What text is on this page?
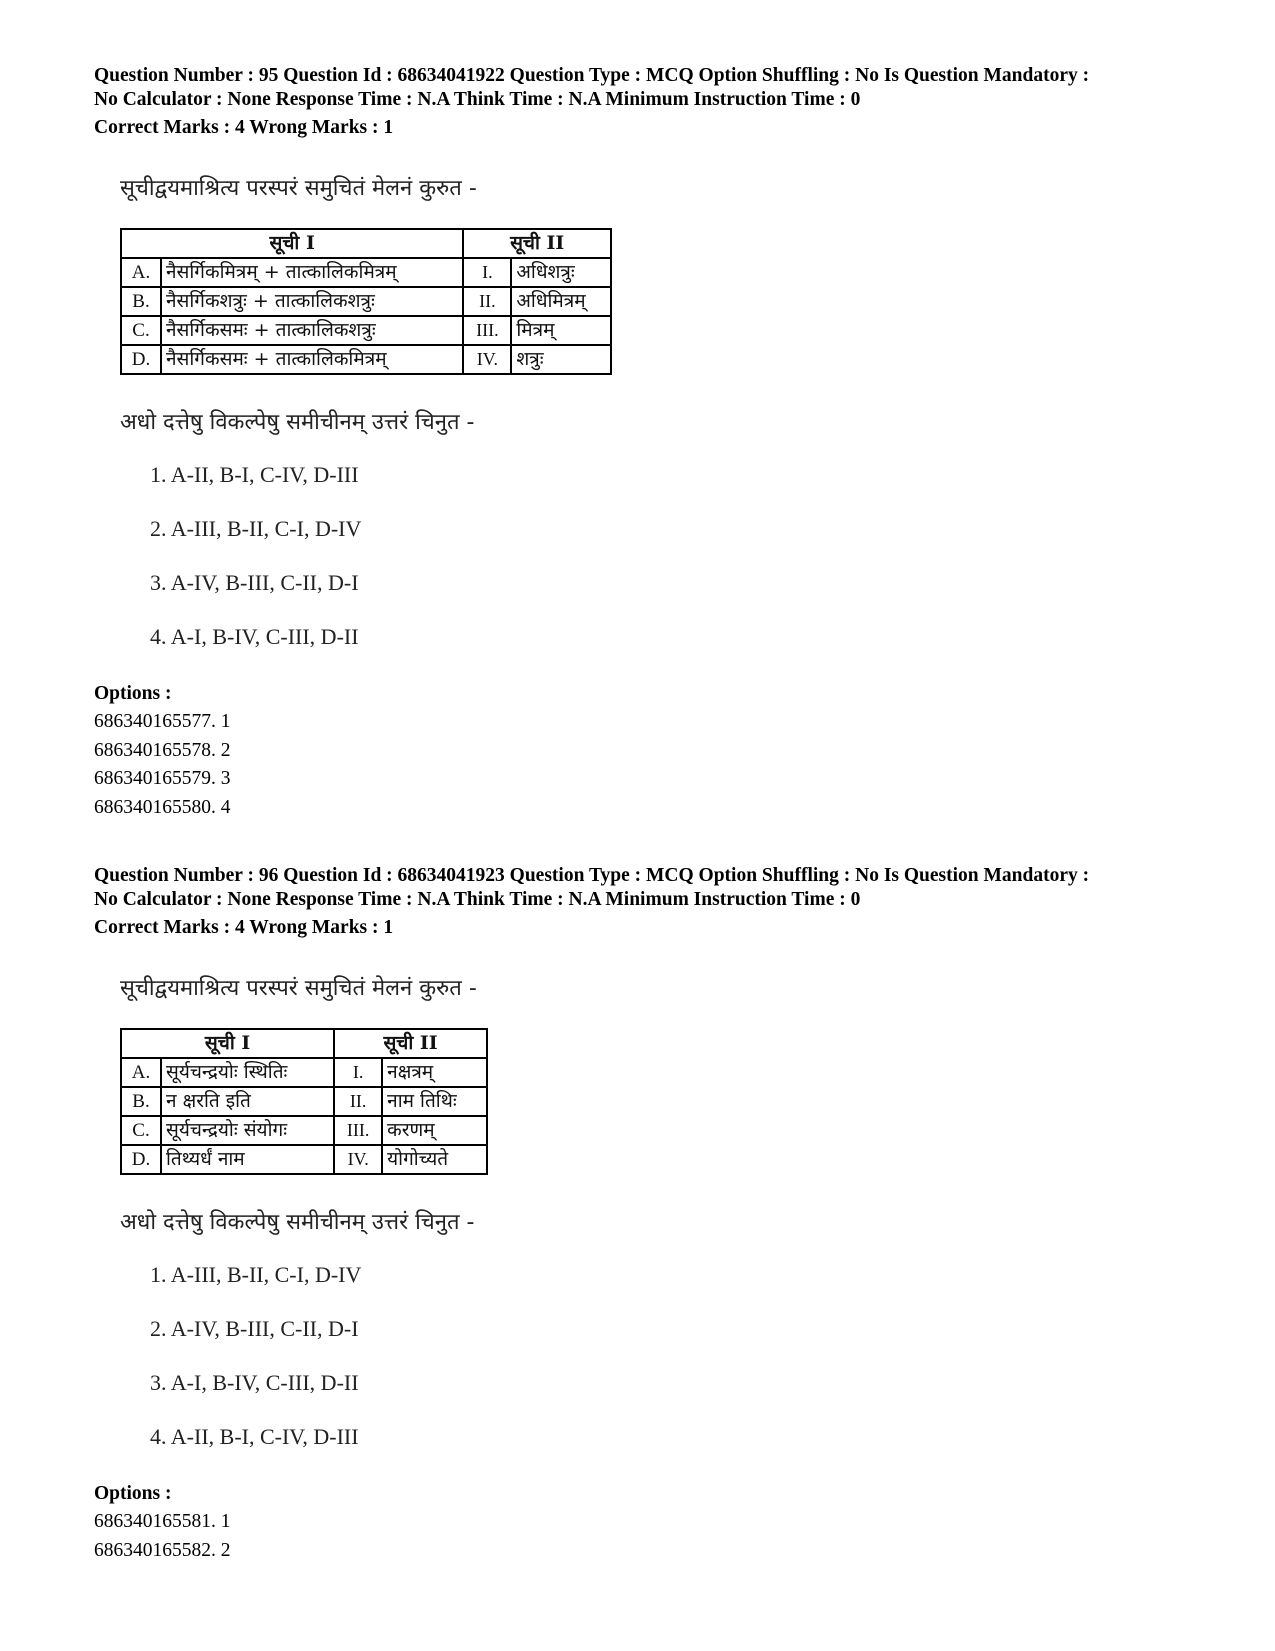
Question Number : 95 Question Id : 68634041922 Question Type : MCQ Option Shuffling : No Is Question Mandatory :
No Calculator : None Response Time : N.A Think Time : N.A Minimum Instruction Time : 0
Correct Marks : 4 Wrong Marks : 1
सूचीद्वयमाश्रित्य परस्परं समुचितं मेलनं कुरुत -
सूची I		सूची II	
A.	नैसर्गिकमित्रम् + तात्कालिकमित्रम्	I.	अधिशत्रुः
B.	नैसर्गिकशत्रुः + तात्कालिकशत्रुः	II.	अधिमित्रम्
C.	नैसर्गिकसमः + तात्कालिकशत्रुः	III.	मित्रम्
D.	नैसर्गिकसमः + तात्कालिकमित्रम्	IV.	शत्रुः
अधो दत्तेषु विकल्पेषु समीचीनम् उत्तरं चिनुत -
1. A-II, B-I, C-IV, D-III
2. A-III, B-II, C-I, D-IV
3. A-IV, B-III, C-II, D-I
4. A-I, B-IV, C-III, D-II
Options :
686340165577. 1
686340165578. 2
686340165579. 3
686340165580. 4
Question Number : 96 Question Id : 68634041923 Question Type : MCQ Option Shuffling : No Is Question Mandatory :
No Calculator : None Response Time : N.A Think Time : N.A Minimum Instruction Time : 0
Correct Marks : 4 Wrong Marks : 1
सूचीद्वयमाश्रित्य परस्परं समुचितं मेलनं कुरुत -
सूची I		सूची II	
A.	सूर्यचन्द्रयोः स्थितिः	I.	नक्षत्रम्
B.	न क्षरति इति	II.	नाम तिथिः
C.	सूर्यचन्द्रयोः संयोगः	III.	करणम्
D.	तिथ्यर्धं नाम	IV.	योगोच्यते
अधो दत्तेषु विकल्पेषु समीचीनम् उत्तरं चिनुत -
1. A-III, B-II, C-I, D-IV
2. A-IV, B-III, C-II, D-I
3. A-I, B-IV, C-III, D-II
4. A-II, B-I, C-IV, D-III
Options :
686340165581. 1
686340165582. 2
